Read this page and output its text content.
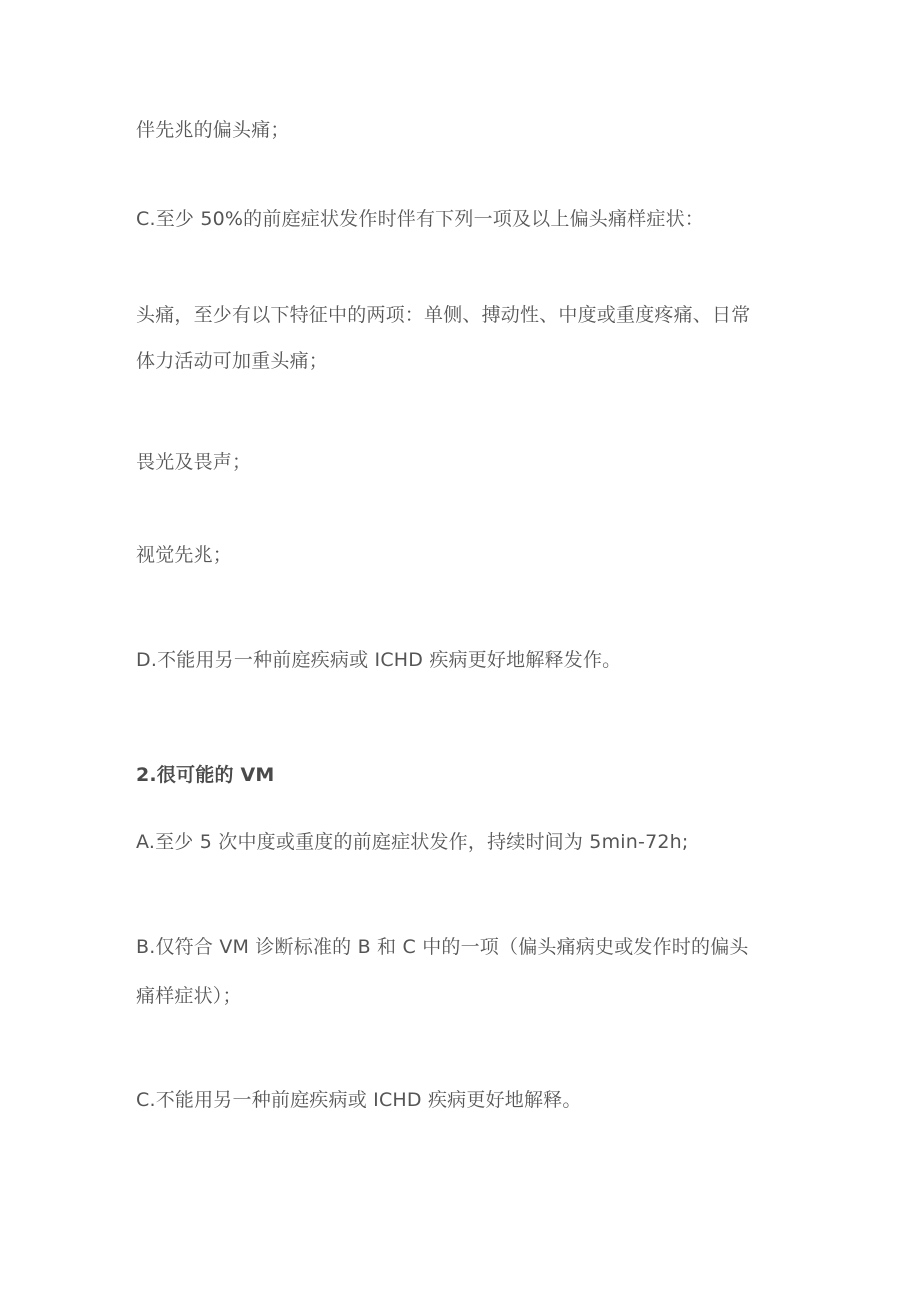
伴先兆的偏头痛；
C.至少 50%的前庭症状发作时伴有下列一项及以上偏头痛样症状：
头痛，至少有以下特征中的两项：单侧、搏动性、中度或重度疼痛、日常
体力活动可加重头痛；
畏光及畏声；
视觉先兆；
D.不能用另一种前庭疾病或 ICHD 疾病更好地解释发作。
2.很可能的 VM
A.至少 5 次中度或重度的前庭症状发作，持续时间为 5min-72h;
B.仅符合 VM 诊断标准的 B 和 C 中的一项（偏头痛病史或发作时的偏头
痛样症状）；
C.不能用另一种前庭疾病或 ICHD 疾病更好地解释。
